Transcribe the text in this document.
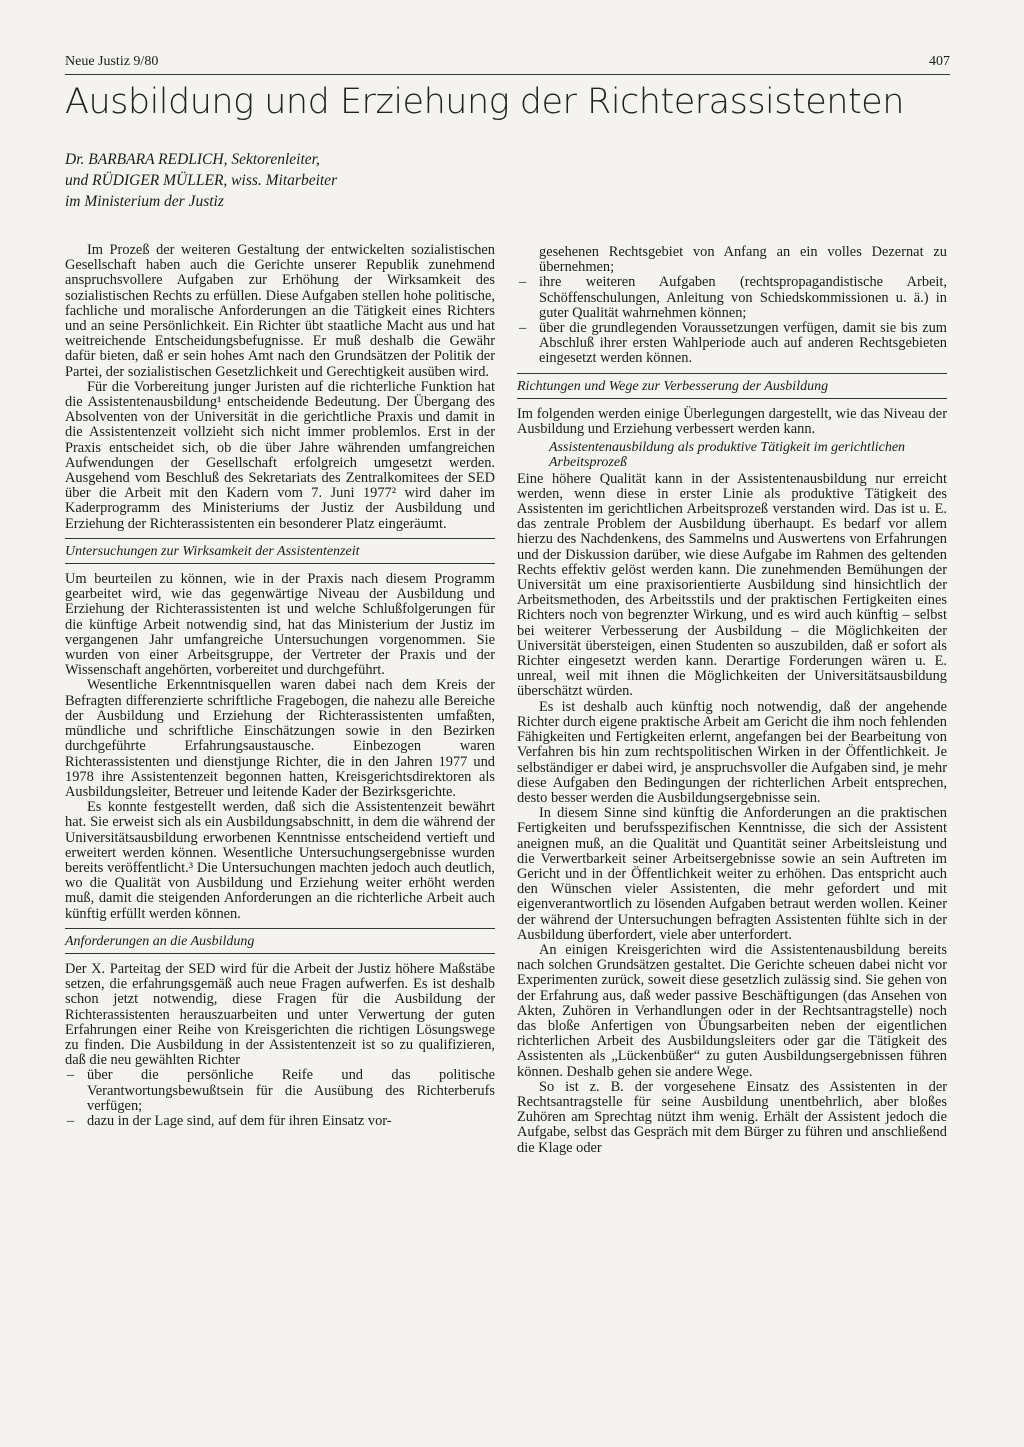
Neue Justiz 9/80	407
Ausbildung und Erziehung der Richterassistenten
Dr. BARBARA REDLICH, Sektorenleiter,
und RÜDIGER MÜLLER, wiss. Mitarbeiter
im Ministerium der Justiz

Im Prozeß der weiteren Gestaltung der entwickelten sozialistischen Gesellschaft haben auch die Gerichte unserer Republik zunehmend anspruchsvollere Aufgaben zur Erhöhung der Wirksamkeit des sozialistischen Rechts zu erfüllen. Diese Aufgaben stellen hohe politische, fachliche und moralische Anforderungen an die Tätigkeit eines Richters und an seine Persönlichkeit. Ein Richter übt staatliche Macht aus und hat weitreichende Entscheidungsbefugnisse. Er muß deshalb die Gewähr dafür bieten, daß er sein hohes Amt nach den Grundsätzen der Politik der Partei, der sozialistischen Gesetzlichkeit und Gerechtigkeit ausüben wird.

Für die Vorbereitung junger Juristen auf die richterliche Funktion hat die Assistentenausbildung¹ entscheidende Bedeutung. Der Übergang des Absolventen von der Universität in die gerichtliche Praxis und damit in die Assistentenzeit vollzieht sich nicht immer problemlos. Erst in der Praxis entscheidet sich, ob die über Jahre währenden umfangreichen Aufwendungen der Gesellschaft erfolgreich umgesetzt werden. Ausgehend vom Beschluß des Sekretariats des Zentralkomitees der SED über die Arbeit mit den Kadern vom 7. Juni 1977² wird daher im Kaderprogramm des Ministeriums der Justiz der Ausbildung und Erziehung der Richterassistenten ein besonderer Platz eingeräumt.

Untersuchungen zur Wirksamkeit der Assistentenzeit

Um beurteilen zu können, wie in der Praxis nach diesem Programm gearbeitet wird, wie das gegenwärtige Niveau der Ausbildung und Erziehung der Richterassistenten ist und welche Schlußfolgerungen für die künftige Arbeit notwendig sind, hat das Ministerium der Justiz im vergangenen Jahr umfangreiche Untersuchungen vorgenommen. Sie wurden von einer Arbeitsgruppe, der Vertreter der Praxis und der Wissenschaft angehörten, vorbereitet und durchgeführt.

Wesentliche Erkenntnisquellen waren dabei nach dem Kreis der Befragten differenzierte schriftliche Fragebogen, die nahezu alle Bereiche der Ausbildung und Erziehung der Richterassistenten umfaßten, mündliche und schriftliche Einschätzungen sowie in den Bezirken durchgeführte Erfahrungsaustausche. Einbezogen waren Richterassistenten und dienstjunge Richter, die in den Jahren 1977 und 1978 ihre Assistentenzeit begonnen hatten, Kreisgerichtsdirektoren als Ausbildungsleiter, Betreuer und leitende Kader der Bezirksgerichte.

Es konnte festgestellt werden, daß sich die Assistentenzeit bewährt hat. Sie erweist sich als ein Ausbildungsabschnitt, in dem die während der Universitätsausbildung erworbenen Kenntnisse entscheidend vertieft und erweitert werden können. Wesentliche Untersuchungsergebnisse wurden bereits veröffentlicht.³ Die Untersuchungen machten jedoch auch deutlich, wo die Qualität von Ausbildung und Erziehung weiter erhöht werden muß, damit die steigenden Anforderungen an die richterliche Arbeit auch künftig erfüllt werden können.

Anforderungen an die Ausbildung

Der X. Parteitag der SED wird für die Arbeit der Justiz höhere Maßstäbe setzen, die erfahrungsgemäß auch neue Fragen aufwerfen. Es ist deshalb schon jetzt notwendig, diese Fragen für die Ausbildung der Richterassistenten herauszuarbeiten und unter Verwertung der guten Erfahrungen einer Reihe von Kreisgerichten die richtigen Lösungswege zu finden. Die Ausbildung in der Assistentenzeit ist so zu qualifizieren, daß die neu gewählten Richter

– über die persönliche Reife und das politische Verantwortungsbewußtsein für die Ausübung des Richterberufs verfügen;
– dazu in der Lage sind, auf dem für ihren Einsatz vor-
gesehenen Rechtsgebiet von Anfang an ein volles Dezernat zu übernehmen;
– ihre weiteren Aufgaben (rechtspropagandistische Arbeit, Schöffenschulungen, Anleitung von Schiedskommissionen u. ä.) in guter Qualität wahrnehmen können;
– über die grundlegenden Voraussetzungen verfügen, damit sie bis zum Abschluß ihrer ersten Wahlperiode auch auf anderen Rechtsgebieten eingesetzt werden können.
Richtungen und Wege zur Verbesserung der Ausbildung

Im folgenden werden einige Überlegungen dargestellt, wie das Niveau der Ausbildung und Erziehung verbessert werden kann.

Assistentenausbildung als produktive Tätigkeit im gerichtlichen Arbeitsprozeß

Eine höhere Qualität kann in der Assistentenausbildung nur erreicht werden, wenn diese in erster Linie als produktive Tätigkeit des Assistenten im gerichtlichen Arbeitsprozeß verstanden wird. Das ist u. E. das zentrale Problem der Ausbildung überhaupt. Es bedarf vor allem hierzu des Nachdenkens, des Sammelns und Auswertens von Erfahrungen und der Diskussion darüber, wie diese Aufgabe im Rahmen des geltenden Rechts effektiv gelöst werden kann. Die zunehmenden Bemühungen der Universität um eine praxisorientierte Ausbildung sind hinsichtlich der Arbeitsmethoden, des Arbeitsstils und der praktischen Fertigkeiten eines Richters noch von begrenzter Wirkung, und es wird auch künftig – selbst bei weiterer Verbesserung der Ausbildung – die Möglichkeiten der Universität übersteigen, einen Studenten so auszubilden, daß er sofort als Richter eingesetzt werden kann. Derartige Forderungen wären u. E. unreal, weil mit ihnen die Möglichkeiten der Universitätsausbildung überschätzt würden.

Es ist deshalb auch künftig noch notwendig, daß der angehende Richter durch eigene praktische Arbeit am Gericht die ihm noch fehlenden Fähigkeiten und Fertigkeiten erlernt, angefangen bei der Bearbeitung von Verfahren bis hin zum rechtspolitischen Wirken in der Öffentlichkeit. Je selbständiger er dabei wird, je anspruchsvoller die Aufgaben sind, je mehr diese Aufgaben den Bedingungen der richterlichen Arbeit entsprechen, desto besser werden die Ausbildungsergebnisse sein.

In diesem Sinne sind künftig die Anforderungen an die praktischen Fertigkeiten und berufsspezifischen Kenntnisse, die sich der Assistent aneignen muß, an die Qualität und Quantität seiner Arbeitsleistung und die Verwertbarkeit seiner Arbeitsergebnisse sowie an sein Auftreten im Gericht und in der Öffentlichkeit weiter zu erhöhen. Das entspricht auch den Wünschen vieler Assistenten, die mehr gefordert und mit eigenverantwortlich zu lösenden Aufgaben betraut werden wollen. Keiner der während der Untersuchungen befragten Assistenten fühlte sich in der Ausbildung überfordert, viele aber unterfordert.

An einigen Kreisgerichten wird die Assistentenausbildung bereits nach solchen Grundsätzen gestaltet. Die Gerichte scheuen dabei nicht vor Experimenten zurück, soweit diese gesetzlich zulässig sind. Sie gehen von der Erfahrung aus, daß weder passive Beschäftigungen (das Ansehen von Akten, Zuhören in Verhandlungen oder in der Rechtsantragstelle) noch das bloße Anfertigen von Übungsarbeiten neben der eigentlichen richterlichen Arbeit des Ausbildungsleiters oder gar die Tätigkeit des Assistenten als „Lückenbüßer“ zu guten Ausbildungsergebnissen führen können. Deshalb gehen sie andere Wege.

So ist z. B. der vorgesehene Einsatz des Assistenten in der Rechtsantragstelle für seine Ausbildung unentbehrlich, aber bloßes Zuhören am Sprechtag nützt ihm wenig. Erhält der Assistent jedoch die Aufgabe, selbst das Gespräch mit dem Bürger zu führen und anschließend die Klage oder
